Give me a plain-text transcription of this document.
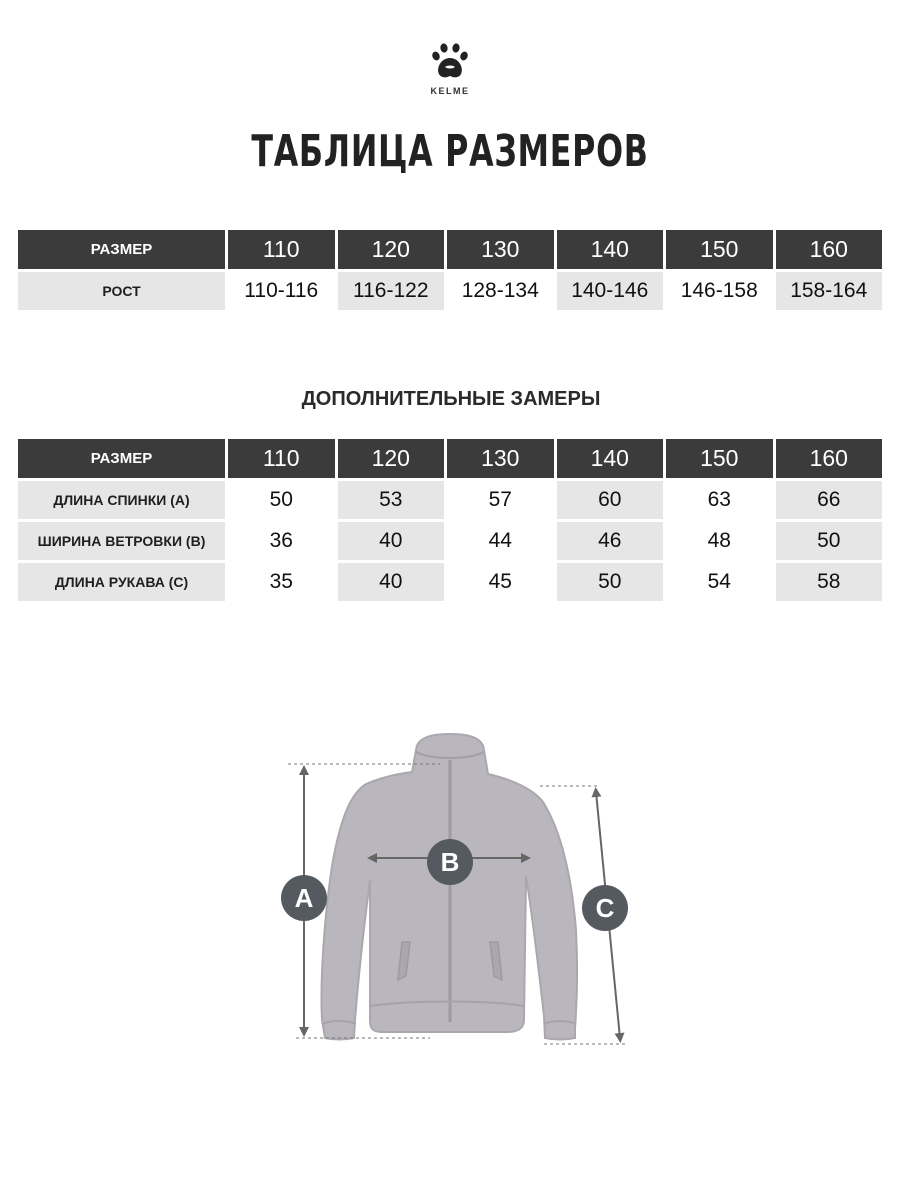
KELME
ТАБЛИЦА РАЗМЕРОВ
РАЗМЕР	110	120	130	140	150	160
РОСТ	110-116	116-122	128-134	140-146	146-158	158-164
ДОПОЛНИТЕЛЬНЫЕ ЗАМЕРЫ
РАЗМЕР	110	120	130	140	150	160
ДЛИНА СПИНКИ (A)	50	53	57	60	63	66
ШИРИНА ВЕТРОВКИ (B)	36	40	44	46	48	50
ДЛИНА РУКАВА (C)	35	40	45	50	54	58
A
B
C
